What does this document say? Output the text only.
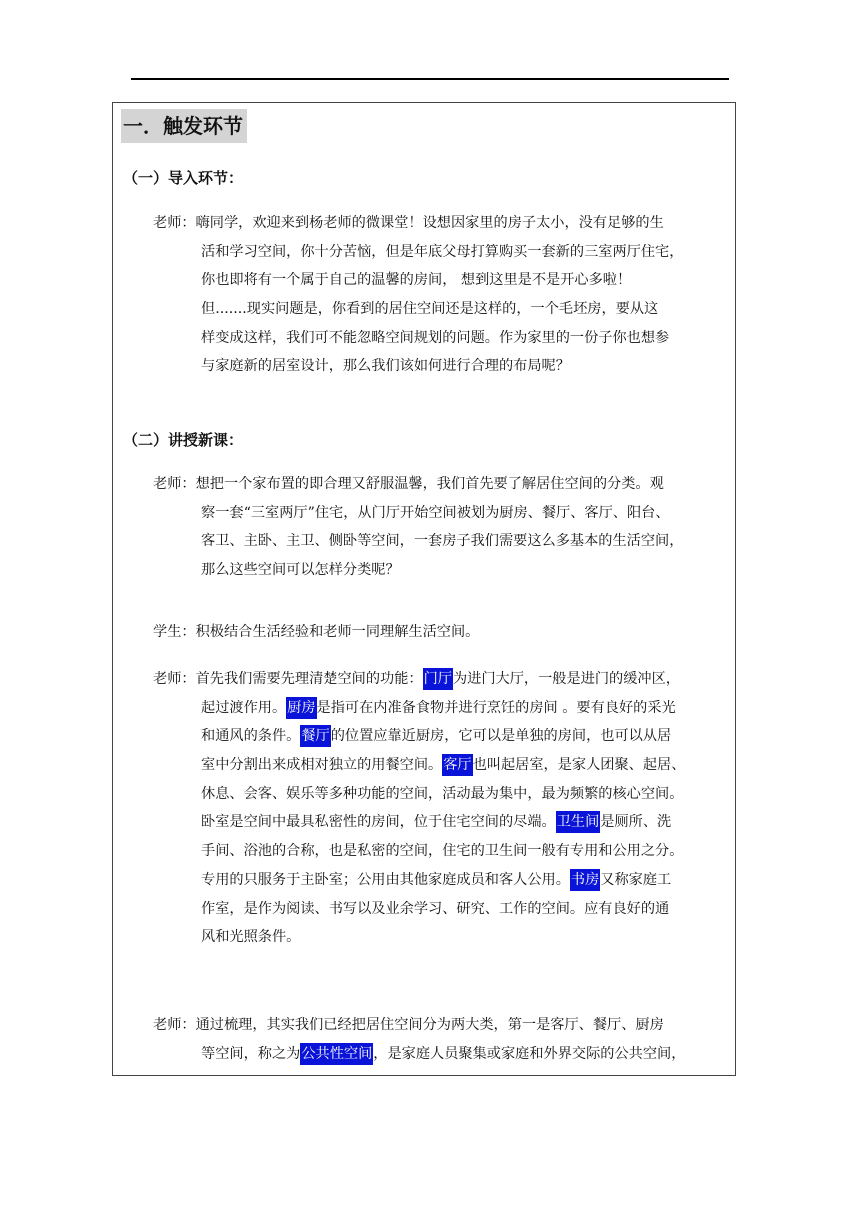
一．触发环节
（一）导入环节：
老师：嗨同学，欢迎来到杨老师的微课堂！设想因家里的房子太小，没有足够的生
活和学习空间，你十分苦恼，但是年底父母打算购买一套新的三室两厅住宅，
你也即将有一个属于自己的温馨的房间， 想到这里是不是开心多啦！
但.......现实问题是，你看到的居住空间还是这样的，一个毛坯房，要从这
样变成这样，我们可不能忽略空间规划的问题。作为家里的一份子你也想参
与家庭新的居室设计，那么我们该如何进行合理的布局呢？
（二）讲授新课：
老师：想把一个家布置的即合理又舒服温馨，我们首先要了解居住空间的分类。观
察一套“三室两厅”住宅，从门厅开始空间被划为厨房、餐厅、客厅、阳台、
客卫、主卧、主卫、侧卧等空间，一套房子我们需要这么多基本的生活空间，
那么这些空间可以怎样分类呢？
学生：积极结合生活经验和老师一同理解生活空间。
老师：首先我们需要先理清楚空间的功能：门厅为进门大厅，一般是进门的缓冲区，
起过渡作用。厨房是指可在内准备食物并进行烹饪的房间 。要有良好的采光
和通风的条件。餐厅的位置应靠近厨房，它可以是单独的房间，也可以从居
室中分割出来成相对独立的用餐空间。客厅也叫起居室，是家人团聚、起居、
休息、会客、娱乐等多种功能的空间，活动最为集中，最为频繁的核心空间。
卧室是空间中最具私密性的房间，位于住宅空间的尽端。卫生间是厕所、洗
手间、浴池的合称，也是私密的空间，住宅的卫生间一般有专用和公用之分。
专用的只服务于主卧室；公用由其他家庭成员和客人公用。书房又称家庭工
作室，是作为阅读、书写以及业余学习、研究、工作的空间。应有良好的通
风和光照条件。
老师：通过梳理，其实我们已经把居住空间分为两大类，第一是客厅、餐厅、厨房
等空间，称之为公共性空间，是家庭人员聚集或家庭和外界交际的公共空间，
